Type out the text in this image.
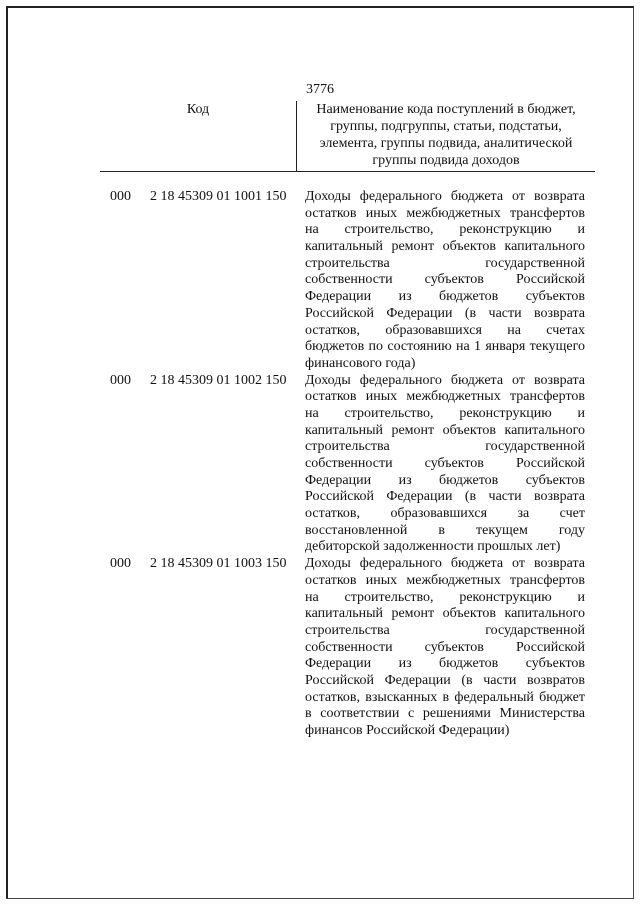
3776
Код	Наименование кода поступлений в бюджет,
группы, подгруппы, статьи, подстатьи,
элемента, группы подвида, аналитической
группы подвида доходов
000 2 18 45309 01 1001 150 Доходы федерального бюджета от возврата
остатков иных межбюджетных трансфертов
на строительство, реконструкцию и
капитальный ремонт объектов капитального
строительства государственной
собственности субъектов Российской
Федерации из бюджетов субъектов
Российской Федерации (в части возврата
остатков, образовавшихся на счетах
бюджетов по состоянию на 1 января текущего
финансового года)
000 2 18 45309 01 1002 150 Доходы федерального бюджета от возврата
остатков иных межбюджетных трансфертов
на строительство, реконструкцию и
капитальный ремонт объектов капитального
строительства государственной
собственности субъектов Российской
Федерации из бюджетов субъектов
Российской Федерации (в части возврата
остатков, образовавшихся за счет
восстановленной в текущем году
дебиторской задолженности прошлых лет)
000 2 18 45309 01 1003 150 Доходы федерального бюджета от возврата
остатков иных межбюджетных трансфертов
на строительство, реконструкцию и
капитальный ремонт объектов капитального
строительства государственной
собственности субъектов Российской
Федерации из бюджетов субъектов
Российской Федерации (в части возвратов
остатков, взысканных в федеральный бюджет
в соответствии с решениями Министерства
финансов Российской Федерации)
